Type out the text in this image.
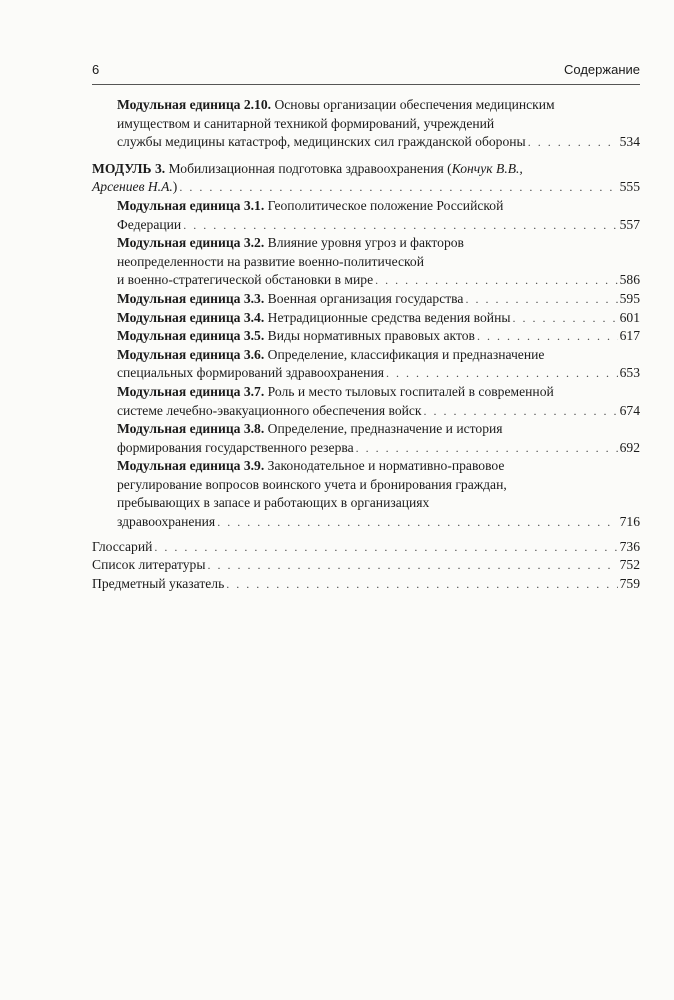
6	Содержание
Модульная единица 2.10. Основы организации обеспечения медицинским
имуществом и санитарной техникой формирований, учреждений
службы медицины катастроф, медицинских сил гражданской обороны . . .	534
МОДУЛЬ 3. Мобилизационная подготовка здравоохранения (Кончук В.В.,
Арсениев Н.А.) . . .	555
Модульная единица 3.1. Геополитическое положение Российской
Федерации . . .	557
Модульная единица 3.2. Влияние уровня угроз и факторов
неопределенности на развитие военно-политической
и военно-стратегической обстановки в мире . . .	586
Модульная единица 3.3. Военная организация государства . . .	595
Модульная единица 3.4. Нетрадиционные средства ведения войны . . .	601
Модульная единица 3.5. Виды нормативных правовых актов . . .	617
Модульная единица 3.6. Определение, классификация и предназначение
специальных формирований здравоохранения . . .	653
Модульная единица 3.7. Роль и место тыловых госпиталей в современной
системе лечебно-эвакуационного обеспечения войск . . .	674
Модульная единица 3.8. Определение, предназначение и история
формирования государственного резерва . . .	692
Модульная единица 3.9. Законодательное и нормативно-правовое
регулирование вопросов воинского учета и бронирования граждан,
пребывающих в запасе и работающих в организациях
здравоохранения . . .	716
Глоссарий . . .	736
Список литературы . . .	752
Предметный указатель . . .	759
